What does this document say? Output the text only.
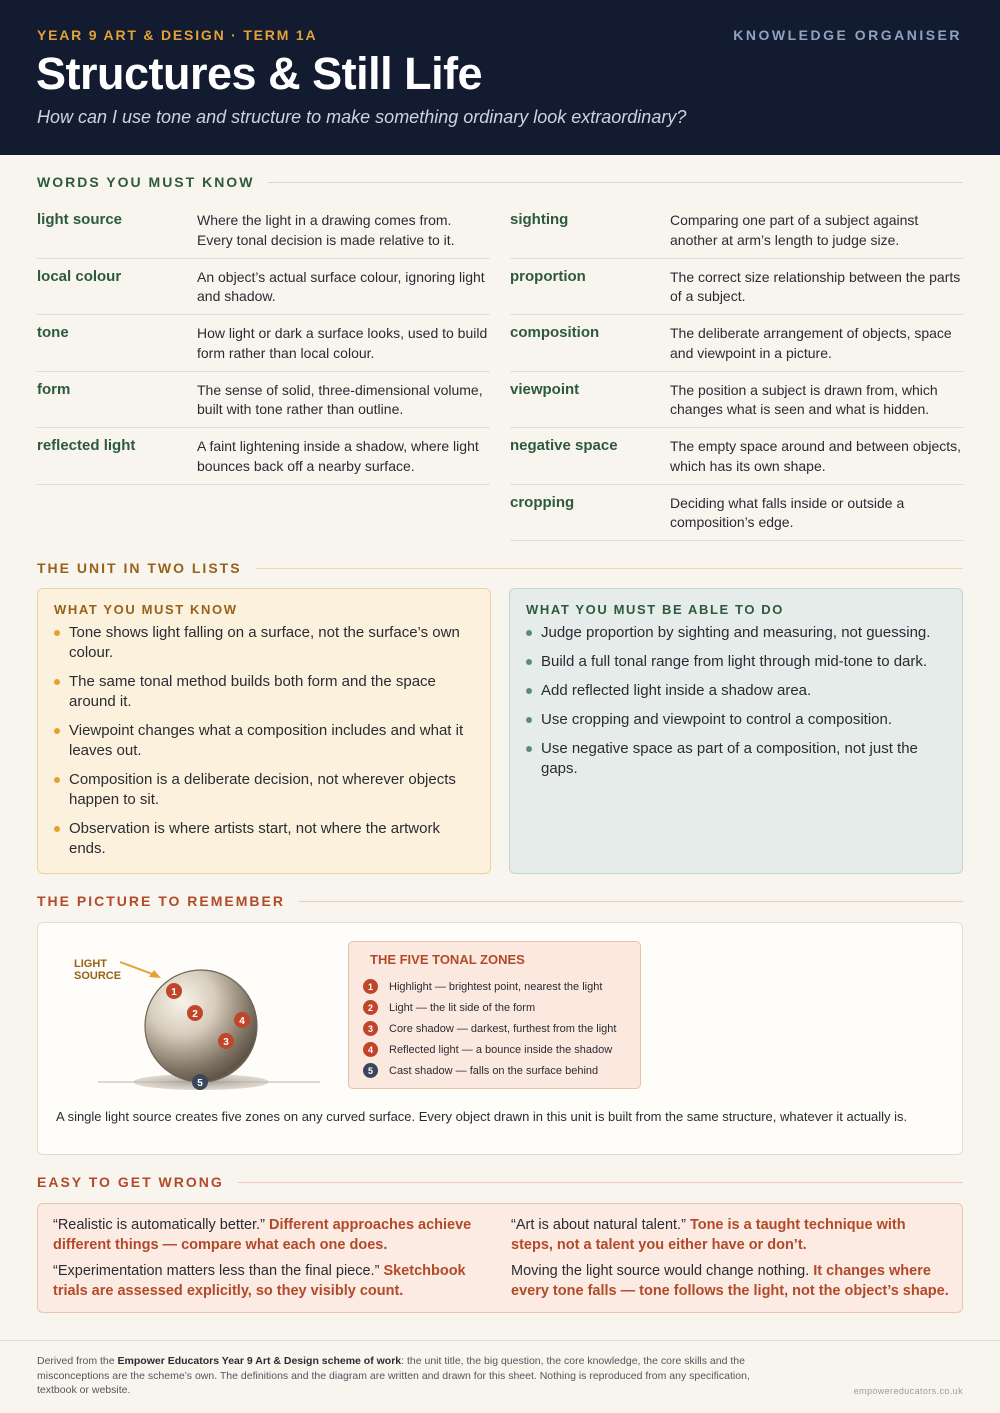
YEAR 9 ART & DESIGN · TERM 1A	KNOWLEDGE ORGANISER
Structures & Still Life
How can I use tone and structure to make something ordinary look extraordinary?
WORDS YOU MUST KNOW
light source	Where the light in a drawing comes from. Every tonal decision is made relative to it.
local colour	An object’s actual surface colour, ignoring light and shadow.
tone	How light or dark a surface looks, used to build form rather than local colour.
form	The sense of solid, three-dimensional volume, built with tone rather than outline.
reflected light	A faint lightening inside a shadow, where light bounces back off a nearby surface.
sighting	Comparing one part of a subject against another at arm’s length to judge size.
proportion	The correct size relationship between the parts of a subject.
composition	The deliberate arrangement of objects, space and viewpoint in a picture.
viewpoint	The position a subject is drawn from, which changes what is seen and what is hidden.
negative space	The empty space around and between objects, which has its own shape.
cropping	Deciding what falls inside or outside a composition’s edge.
THE UNIT IN TWO LISTS
WHAT YOU MUST KNOW
Tone shows light falling on a surface, not the surface’s own colour.
The same tonal method builds both form and the space around it.
Viewpoint changes what a composition includes and what it leaves out.
Composition is a deliberate decision, not wherever objects happen to sit.
Observation is where artists start, not where the artwork ends.
WHAT YOU MUST BE ABLE TO DO
Judge proportion by sighting and measuring, not guessing.
Build a full tonal range from light through mid-tone to dark.
Add reflected light inside a shadow area.
Use cropping and viewpoint to control a composition.
Use negative space as part of a composition, not just the gaps.
THE PICTURE TO REMEMBER
LIGHT
SOURCE
1
2
3
4
5
THE FIVE TONAL ZONES
1	Highlight — brightest point, nearest the light
2	Light — the lit side of the form
3	Core shadow — darkest, furthest from the light
4	Reflected light — a bounce inside the shadow
5	Cast shadow — falls on the surface behind
A single light source creates five zones on any curved surface. Every object drawn in this unit is built from the same structure, whatever it actually is.
EASY TO GET WRONG
“Realistic is automatically better.” Different approaches achieve different things — compare what each one does.
“Experimentation matters less than the final piece.” Sketchbook trials are assessed explicitly, so they visibly count.
“Art is about natural talent.” Tone is a taught technique with steps, not a talent you either have or don’t.
Moving the light source would change nothing. It changes where every tone falls — tone follows the light, not the object’s shape.
Derived from the Empower Educators Year 9 Art & Design scheme of work: the unit title, the big question, the core knowledge, the core skills and the misconceptions are the scheme’s own. The definitions and the diagram are written and drawn for this sheet. Nothing is reproduced from any specification, textbook or website.	empowereducators.co.uk
